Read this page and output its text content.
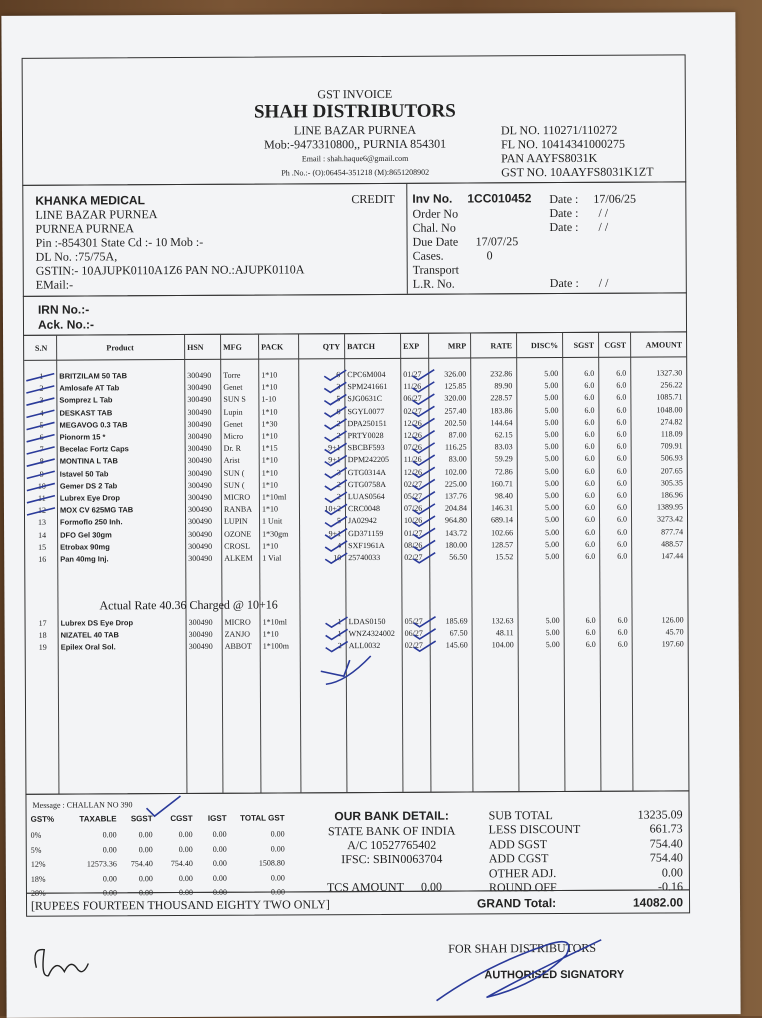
GST INVOICE
SHAH DISTRIBUTORS
LINE BAZAR PURNEA
Mob:-9473310800,, PURNIA 854301
Email : shah.haque6@gmail.com
Ph .No.:- (O):06454-351218 (M):8651208902
DL NO. 110271/110272
FL NO. 10414341000275
PAN AAYFS8031K
GST NO. 10AAYFS8031K1ZT
KHANKA MEDICAL	CREDIT
LINE BAZAR PURNEA
PURNEA PURNEA
Pin :-854301 State Cd :- 10 Mob :-
DL No. :75/75A,
GSTIN:- 10AJUPK0110A1Z6 PAN NO.:AJUPK0110A
EMail:-
Inv No. 1CC010452 Date : 17/06/25
Order No	Date : / /
Chal. No	Date : / /
Due Date 17/07/25
Cases.	0
Transport
L.R. No.	Date : / /
IRN No.:-
Ack. No.:-
S.N	Product	HSN MFG PACK	QTY BATCH	EXP	MRP	RATE	DISC%	SGST	CGST	AMOUNT
1	BRITZILAM 50 TAB	300490 Torre	1*10	6 CPC6M004 01/27	326.00	232.86	5.00	6.0	6.0	1327.30
2	Amlosafe AT Tab	300490 Genet 1*10	3 SPM241661 11/26	125.85	89.90	5.00	6.0	6.0	256.22
3	Somprez L Tab	300490 SUN S 1-10	5 SJG0631C	06/27	320.00	228.57	5.00	6.0	6.0	1085.71
4	DESKAST TAB	300490 Lupin 1*10	6 SGYL0077 02/27	257.40	183.86	5.00	6.0	6.0	1048.00
5	MEGAVOG 0.3 TAB	300490 Genet 1*30	2 DPA250151 12/26	202.50	144.64	5.00	6.0	6.0	274.82
6	Pionorm 15 *	300490 Micro 1*10	2 PRTY0028 12/26	87.00	62.15	5.00	6.0	6.0	118.09
7	Becelac Fortz Caps	300490 Dr. R	1*15	9+1 SBCBF593 07/26	116.25	83.03	5.00	6.0	6.0	709.91
8	MONTINA L TAB	300490 Arist	1*10	9+1 DPM242205 11/26	83.00	59.29	5.00	6.0	6.0	506.93
9	Istavel 50 Tab	300490 SUN ( 1*10	3 GTG0314A 12/26	102.00	72.86	5.00	6.0	6.0	207.65
10	Gemer DS 2 Tab	300490 SUN ( 1*10	2 GTG0758A 02/27	225.00	160.71	5.00	6.0	6.0	305.35
11	Lubrex Eye Drop	300490 MICRO 1*10ml	2 LUAS0564 05/27	137.76	98.40	5.00	6.0	6.0	186.96
12	MOX CV 625MG TAB	300490 RANBA 1*10	10+2 CRC0048	07/26	204.84	146.31	5.00	6.0	6.0	1389.95
13	Formoflo 250 Inh.	300490 LUPIN 1 Unit	5 JA02942	10/26	964.80	689.14	5.00	6.0	6.0	3273.42
14	DFO Gel 30gm	300490 OZONE 1*30gm	9+1 GD371159	01/27	143.72	102.66	5.00	6.0	6.0	877.74
15	Etrobax 90mg	300490 CROSL 1*10	4 SXF1961A 08/26	180.00	128.57	5.00	6.0	6.0	488.57
16	Pan 40mg Inj.	300490 ALKEM 1 Vial	10 25740033	02/27	56.50	15.52	5.00	6.0	6.0	147.44
Actual Rate 40.36 Charged @ 10+16
17	Lubrex DS Eye Drop	300490 MICRO 1*10ml	1 LDAS0150 05/27	185.69	132.63	5.00	6.0	6.0	126.00
18	NIZATEL 40 TAB	300490 ZANJO 1*10	1 WNZ4324002 06/27	67.50	48.11	5.00	6.0	6.0	45.70
19	Epilex Oral Sol.	300490 ABBOT 1*100m	2 ALL0032	02/27	145.60	104.00	5.00	6.0	6.0	197.60
Message : CHALLAN NO 390
GST%	TAXABLE	SGST	CGST	IGST	TOTAL GST
0%	0.00	0.00	0.00	0.00	0.00
5%	0.00	0.00	0.00	0.00	0.00
12%	12573.36	754.40	754.40	0.00	1508.80
18%	0.00	0.00	0.00	0.00	0.00
28%	0.00	0.00	0.00	0.00	0.00
OUR BANK DETAIL:
STATE BANK OF INDIA
A/C 10527765402
IFSC: SBIN0063704
TCS AMOUNT 0.00
SUB TOTAL	13235.09
LESS DISCOUNT	661.73
ADD SGST	754.40
ADD CGST	754.40
OTHER ADJ.	0.00
ROUND OFF	-0.16
[RUPEES FOURTEEN THOUSAND EIGHTY TWO ONLY]	GRAND Total:	14082.00
FOR SHAH DISTRIBUTORS
AUTHORISED SIGNATORY
